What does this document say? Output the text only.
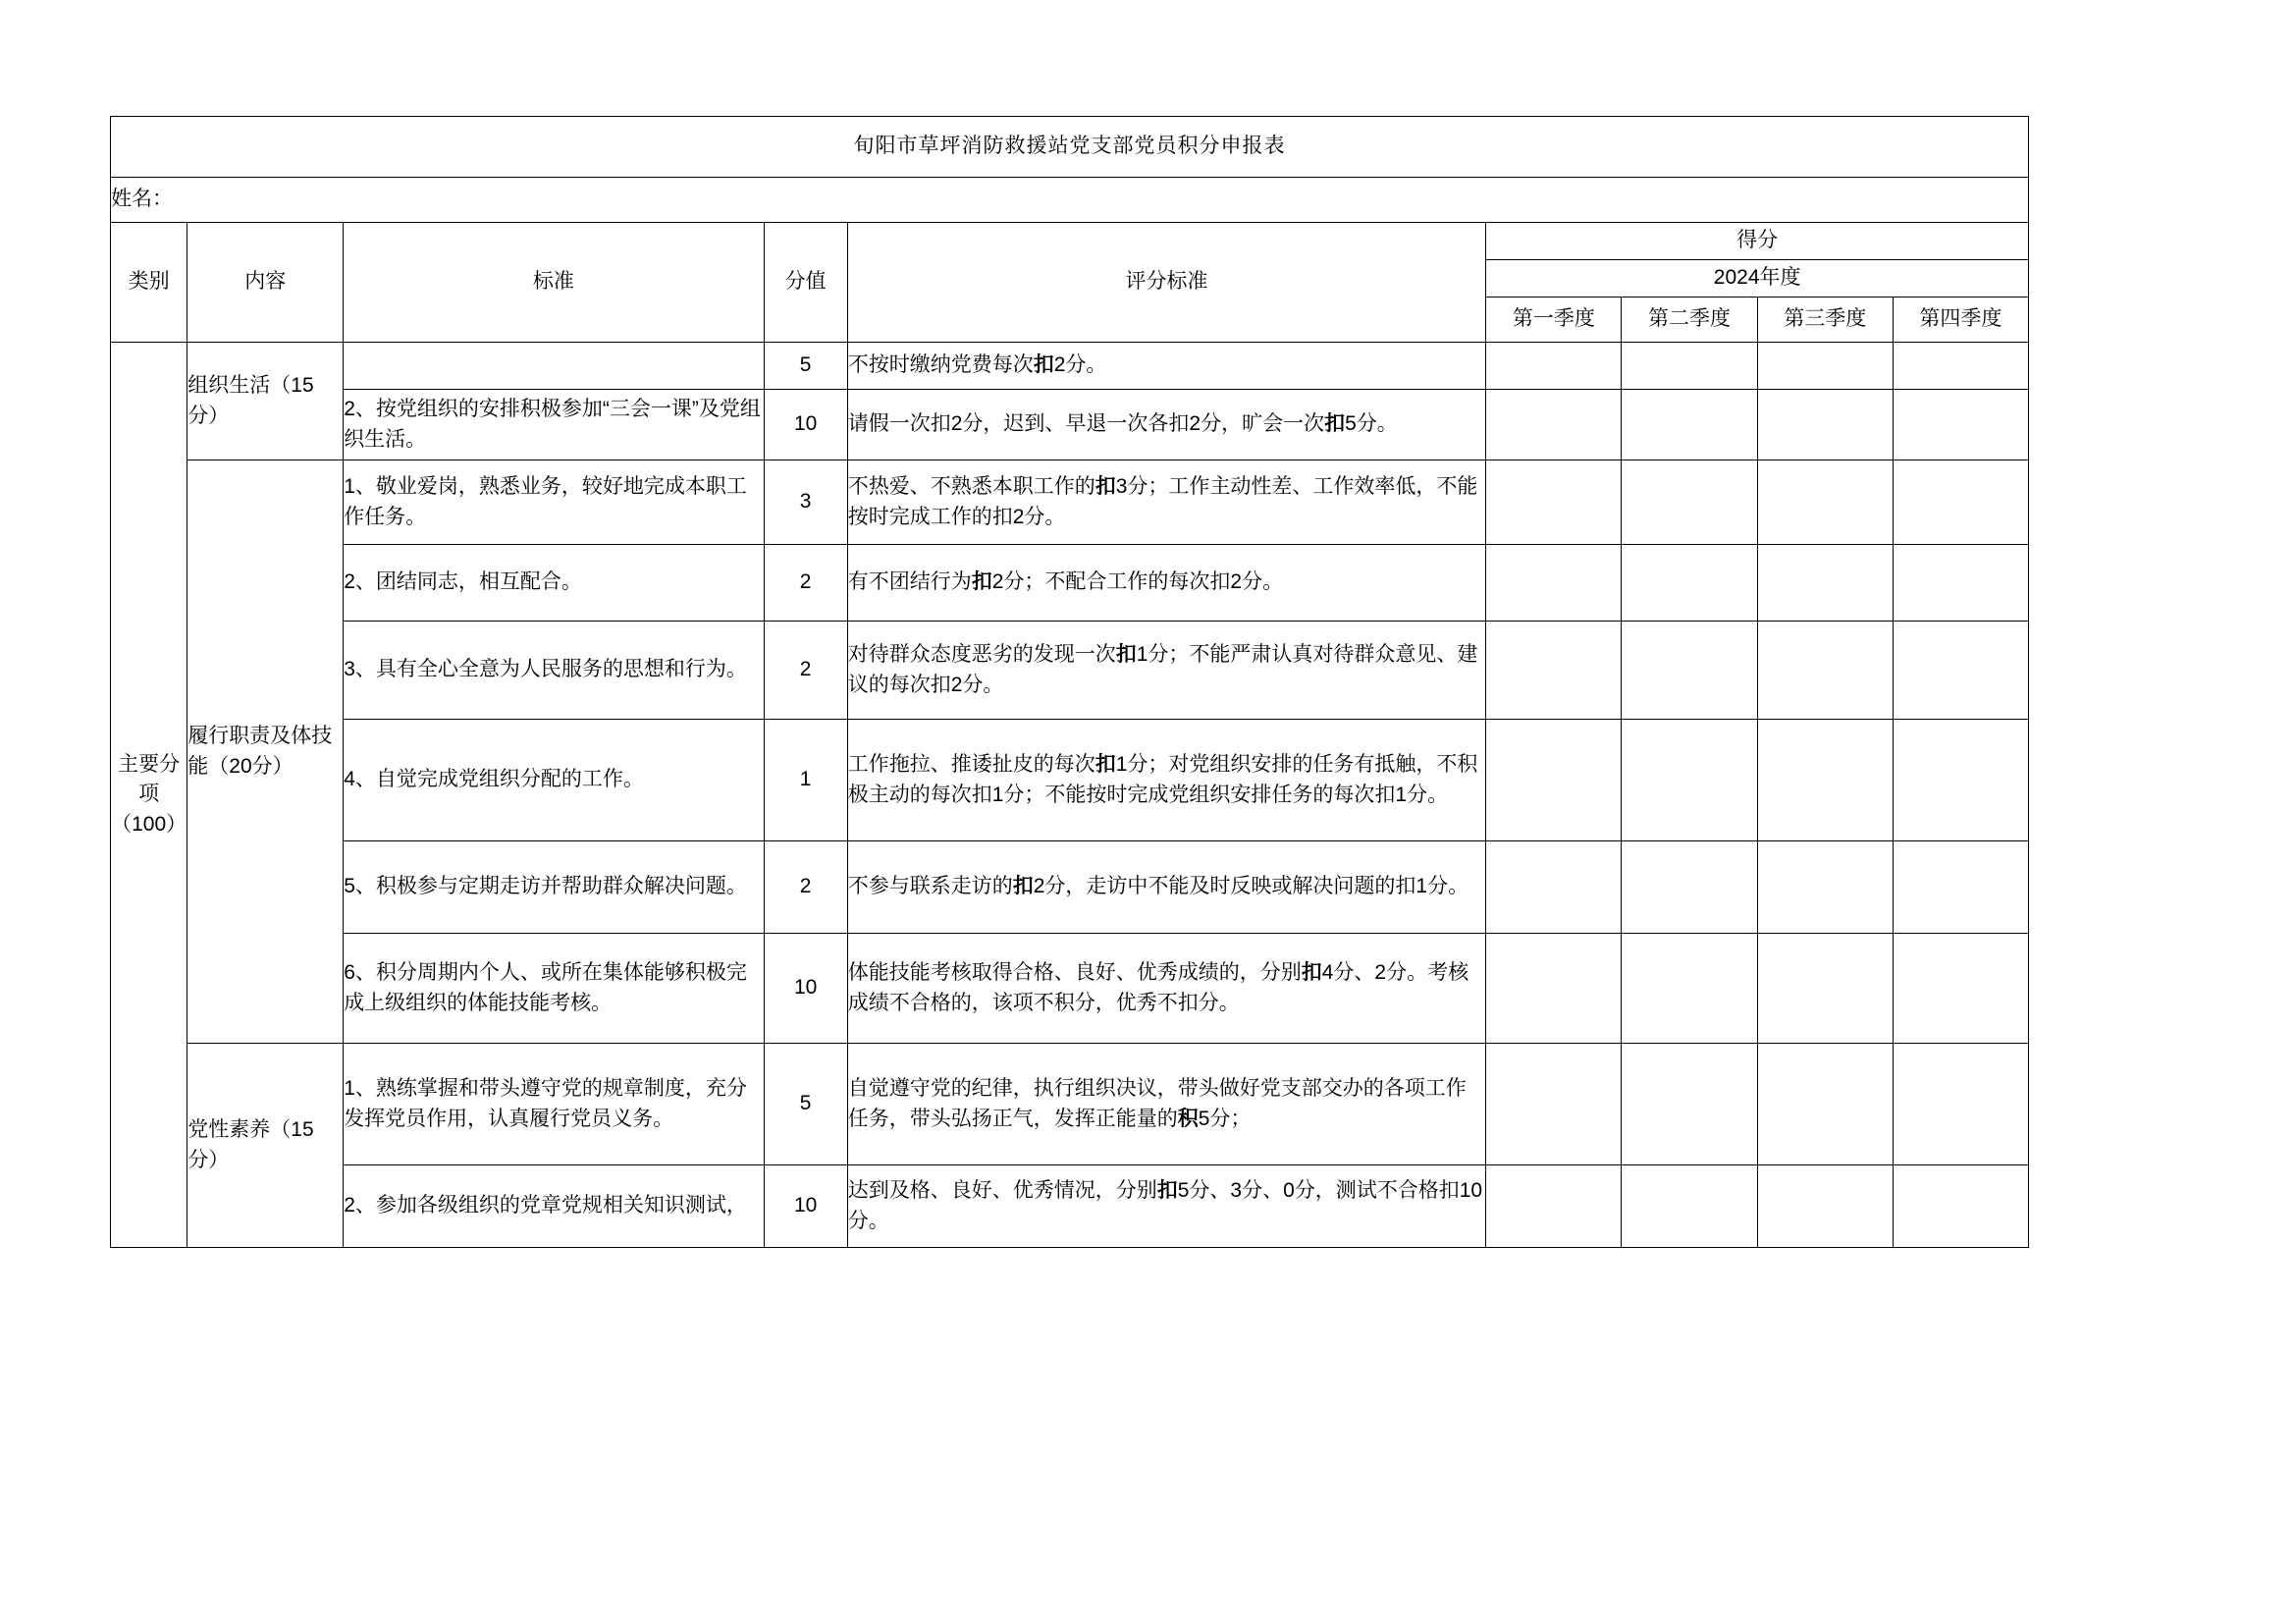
旬阳市草坪消防救援站党支部党员积分申报表								
姓名：								
类别	内容	标准	分值	评分标准	得分			
					2024年度			
					第一季度	第二季度	第三季度	第四季度
主要分项（100）	组织生活（15分）		5	不按时缴纳党费每次扣2分。				
		2、按党组织的安排积极参加“三会一课”及党组织生活。	10	请假一次扣2分，迟到、早退一次各扣2分，旷会一次扣5分。				
	履行职责及体技能（20分）	1、敬业爱岗，熟悉业务，较好地完成本职工作任务。	3	不热爱、不熟悉本职工作的扣3分；工作主动性差、工作效率低，不能按时完成工作的扣2分。				
		2、团结同志，相互配合。	2	有不团结行为扣2分；不配合工作的每次扣2分。				
		3、具有全心全意为人民服务的思想和行为。	2	对待群众态度恶劣的发现一次扣1分；不能严肃认真对待群众意见、建议的每次扣2分。				
		4、自觉完成党组织分配的工作。	1	工作拖拉、推诿扯皮的每次扣1分；对党组织安排的任务有抵触，不积极主动的每次扣1分；不能按时完成党组织安排任务的每次扣1分。				
		5、积极参与定期走访并帮助群众解决问题。	2	不参与联系走访的扣2分，走访中不能及时反映或解决问题的扣1分。				
		6、积分周期内个人、或所在集体能够积极完成上级组织的体能技能考核。	10	体能技能考核取得合格、良好、优秀成绩的，分别扣4分、2分。考核成绩不合格的，该项不积分，优秀不扣分。				
	党性素养（15分）	1、熟练掌握和带头遵守党的规章制度，充分发挥党员作用，认真履行党员义务。	5	自觉遵守党的纪律，执行组织决议，带头做好党支部交办的各项工作任务，带头弘扬正气，发挥正能量的积5分；				
		2、参加各级组织的党章党规相关知识测试，	10	达到及格、良好、优秀情况，分别扣5分、3分、0分，测试不合格扣10分。				
